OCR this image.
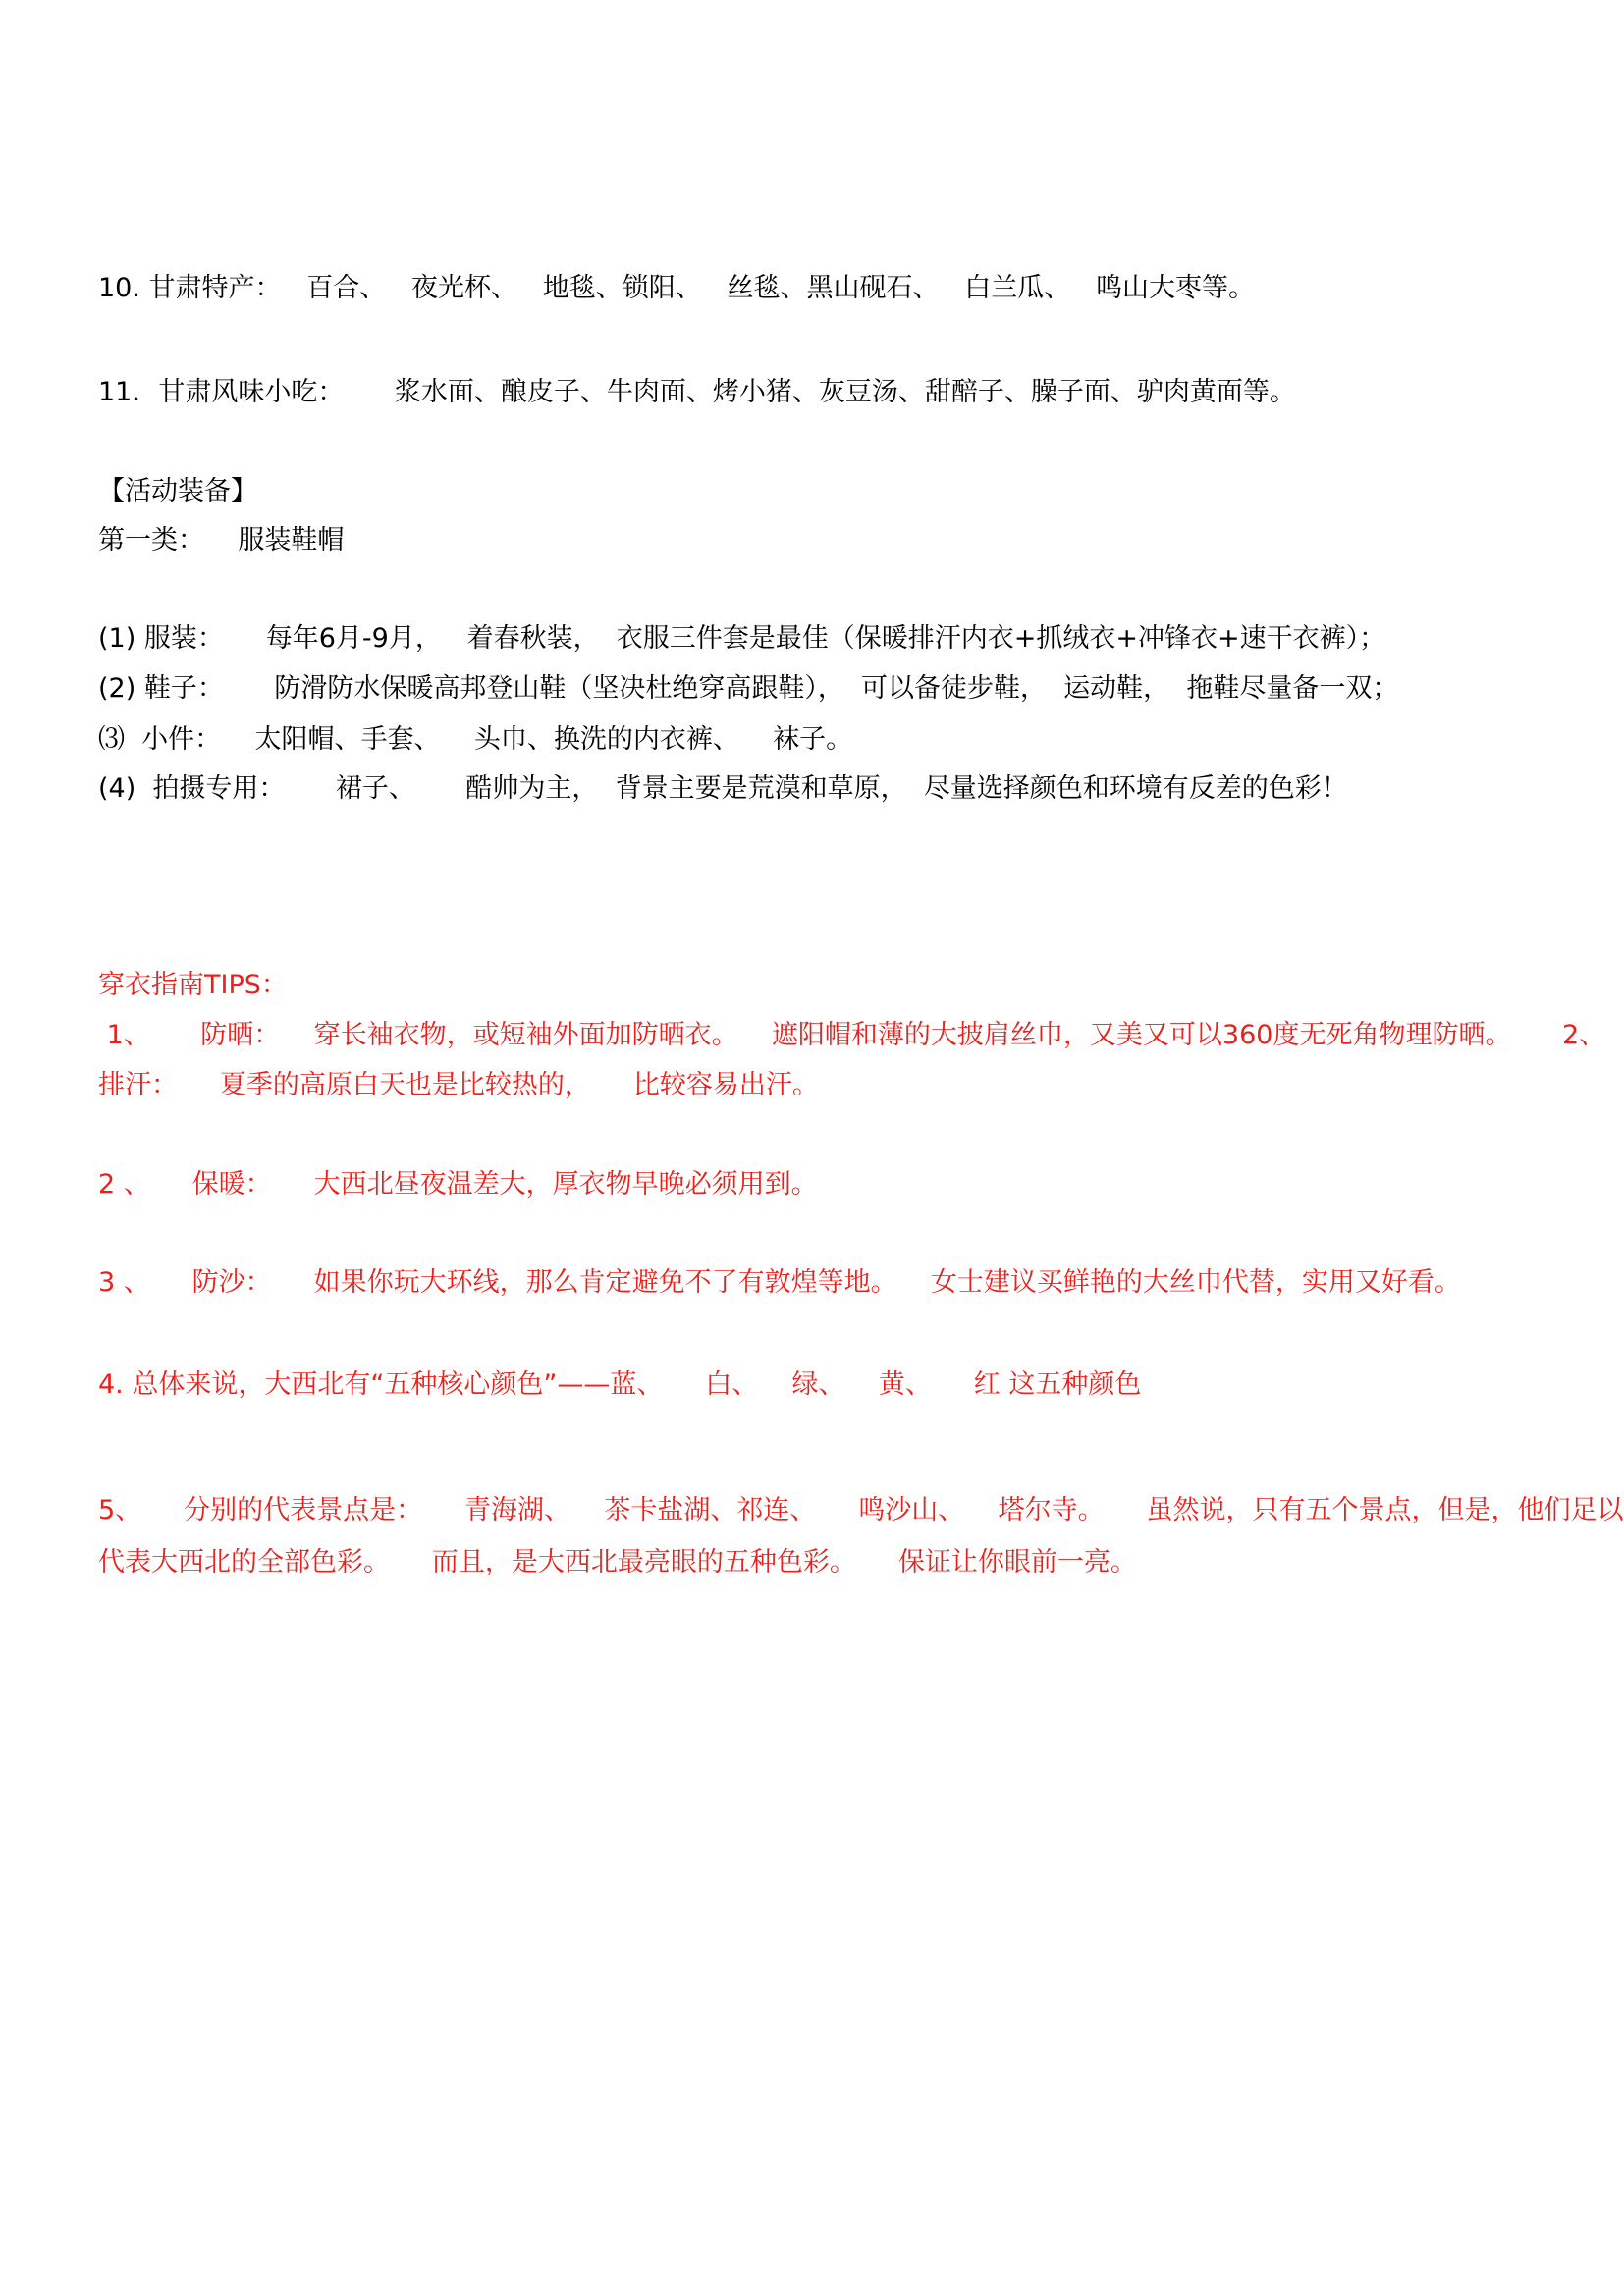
10. 甘肃特产：   百合、   夜光杯、   地毯、锁阳、   丝毯、黑山砚石、   白兰瓜、   鸣山大枣等。
11．甘肃风味小吃：      浆水面、酿皮子、牛肉面、烤小猪、灰豆汤、甜醅子、臊子面、驴肉黄面等。
【活动装备】
第一类：    服装鞋帽
(1) 服装：     每年6月-9月，   着春秋装，  衣服三件套是最佳（保暖排汗内衣+抓绒衣+冲锋衣+速干衣裤）；
(2) 鞋子：      防滑防水保暖高邦登山鞋（坚决杜绝穿高跟鞋），  可以备徒步鞋，  运动鞋，  拖鞋尽量备一双；
⑶  小件：    太阳帽、手套、    头巾、换洗的内衣裤、    袜子。
(4)  拍摄专用：      裙子、      酷帅为主，  背景主要是荒漠和草原，  尽量选择颜色和环境有反差的色彩！
穿衣指南TIPS：
1、      防晒：    穿长袖衣物，或短袖外面加防晒衣。    遮阳帽和薄的大披肩丝巾，又美又可以360度无死角物理防晒。      2、
排汗：     夏季的高原白天也是比较热的，     比较容易出汗。
2 、     保暖：     大西北昼夜温差大，厚衣物早晚必须用到。
3 、     防沙：     如果你玩大环线，那么肯定避免不了有敦煌等地。    女士建议买鲜艳的大丝巾代替，实用又好看。
4. 总体来说，大西北有“五种核心颜色”——蓝、     白、    绿、    黄、     红 这五种颜色
5、     分别的代表景点是：     青海湖、    茶卡盐湖、祁连、     鸣沙山、    塔尔寺。     虽然说，只有五个景点，但是，他们足以
代表大西北的全部色彩。     而且，是大西北最亮眼的五种色彩。     保证让你眼前一亮。
